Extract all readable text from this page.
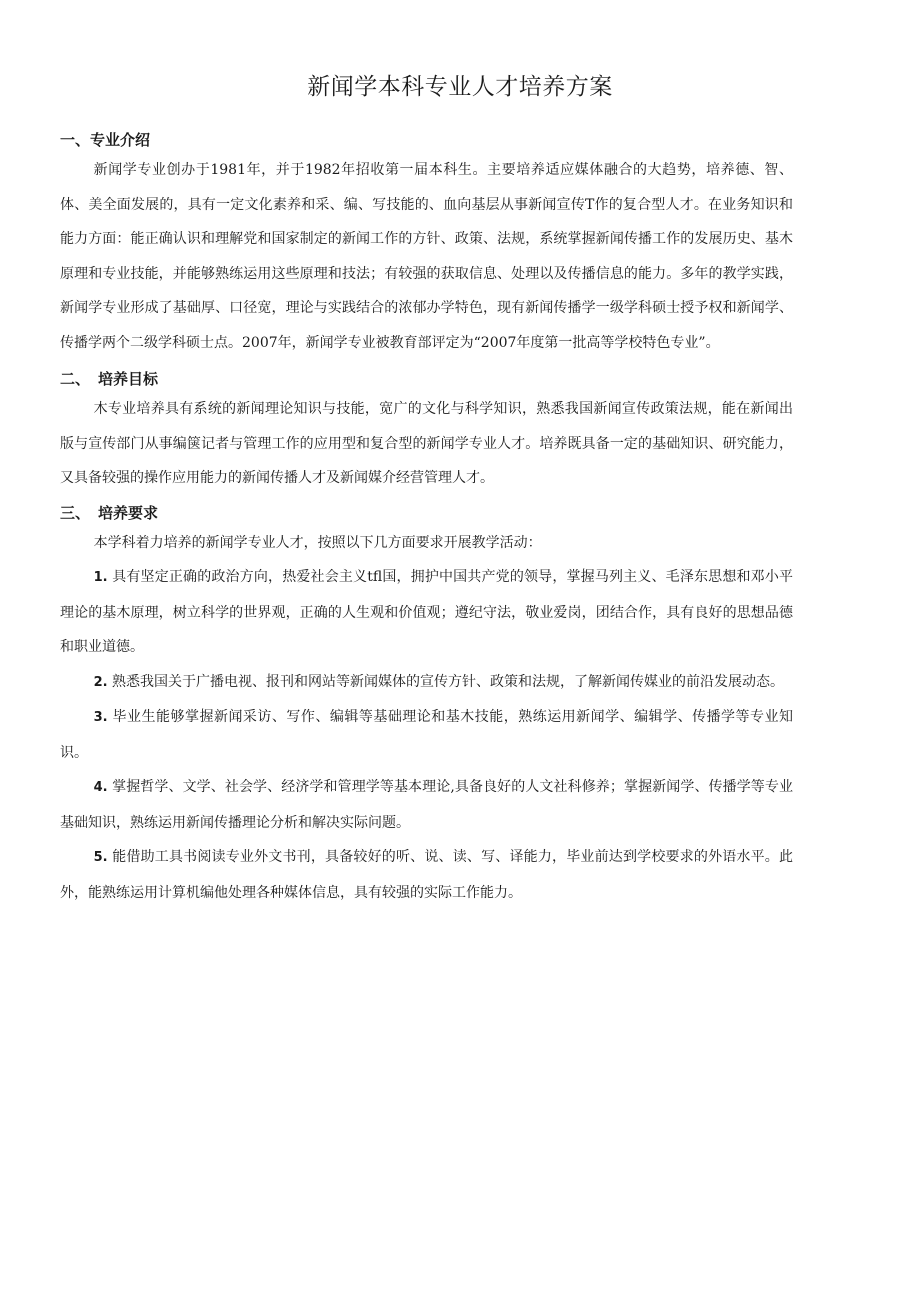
新闻学本科专业人才培养方案
一、专业介绍

新闻学专业创办于1981年，并于1982年招收第一届本科生。主要培养适应媒体融合的大趋势，培养德、智、体、美全面发展的，具有一定文化素养和采、编、写技能的、血向基层从事新闻宣传T作的复合型人才。在业务知识和能力方面：能正确认识和理解党和国家制定的新闻工作的方针、政策、法规，系统掌握新闻传播工作的发展历史、基木原理和专业技能，并能够熟练运用这些原理和技法；有较强的获取信息、处理以及传播信息的能力。多年的教学实践，新闻学专业形成了基础厚、口径宽，理论与实践结合的浓郁办学特色，现有新闻传播学一级学科硕士授予权和新闻学、传播学两个二级学科硕士点。2007年，新闻学专业被教育部评定为“2007年度第一批高等学校特色专业”。

二、 培养目标

木专业培养具有系统的新闻理论知识与技能，宽广的文化与科学知识，熟悉我国新闻宣传政策法规，能在新闻出版与宣传部门从事编箧记者与管理工作的应用型和复合型的新闻学专业人才。培养既具备一定的基础知识、研究能力，又具备较强的操作应用能力的新闻传播人才及新闻媒介经营管理人才。

三、 培养要求

本学科着力培养的新闻学专业人才，按照以下几方面要求开展教学活动：

1. 具有坚定正确的政治方向，热爱社会主义tfl国，拥护中国共产党的领导，掌握马列主义、毛泽东思想和邓小平理论的基木原理，树立科学的世界观，正确的人生观和价值观；遵纪守法，敬业爱岗，团结合作，具有良好的思想品德和职业道德。
2. 熟悉我国关于广播电视、报刊和网站等新闻媒体的宣传方针、政策和法规，了解新闻传媒业的前沿发展动态。
3. 毕业生能够掌握新闻采访、写作、编辑等基础理论和基木技能，熟练运用新闻学、编辑学、传播学等专业知识。
4. 掌握哲学、文学、社会学、经济学和管理学等基本理论,具备良好的人文社科修养；掌握新闻学、传播学等专业基础知识，熟练运用新闻传播理论分析和解决实际问题。
5. 能借助工具书阅读专业外文书刊，具备较好的听、说、读、写、译能力，毕业前达到学校要求的外语水平。此外，能熟练运用计算机编他处理各种媒体信息，具有较强的实际工作能力。
